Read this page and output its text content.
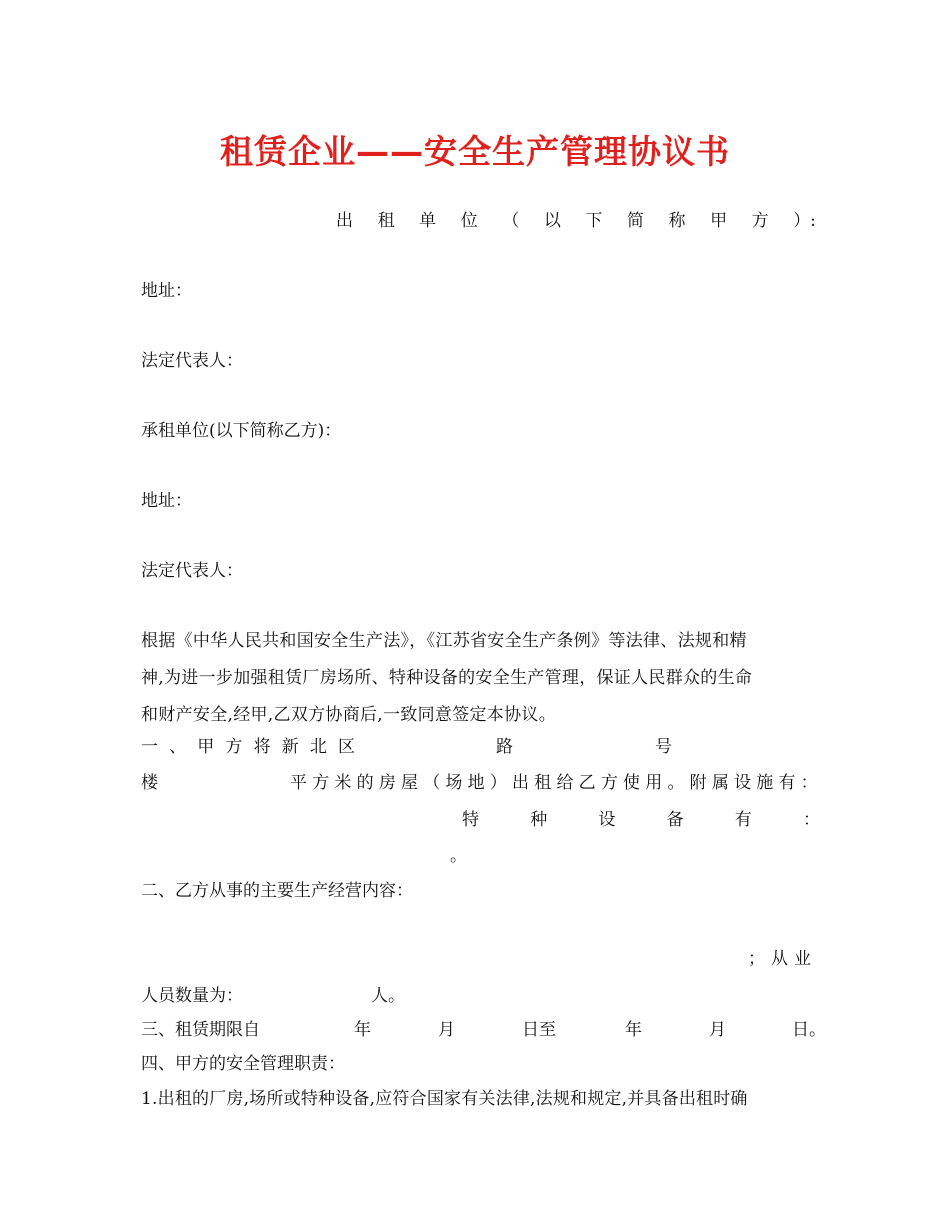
租赁企业——安全生产管理协议书
出 租 单 位 （ 以 下 简 称 甲 方 ）:
地址：
法定代表人：
承租单位(以下简称乙方)：
地址：
法定代表人：
根据《中华人民共和国安全生产法》，《江苏省安全生产条例》等法律、法规和精
神,为进一步加强租赁厂房场所、特种设备的安全生产管理，保证人民群众的生命
和财产安全,经甲,乙双方协商后,一致同意签定本协议。
一 、 甲 方 将 新 北 区	路	号
楼	平 方 米 的 房 屋 （ 场 地 ） 出 租 给 乙 方 使 用 。 附 属 设 施 有 ：
特	种	设	备	有	：
。
二、乙方从事的主要生产经营内容：
； 从 业
人员数量为：	人。
三、租赁期限自	年	月	日至	年	月	日。
四、甲方的安全管理职责：
1.出租的厂房,场所或特种设备,应符合国家有关法律,法规和规定,并具备出租时确
